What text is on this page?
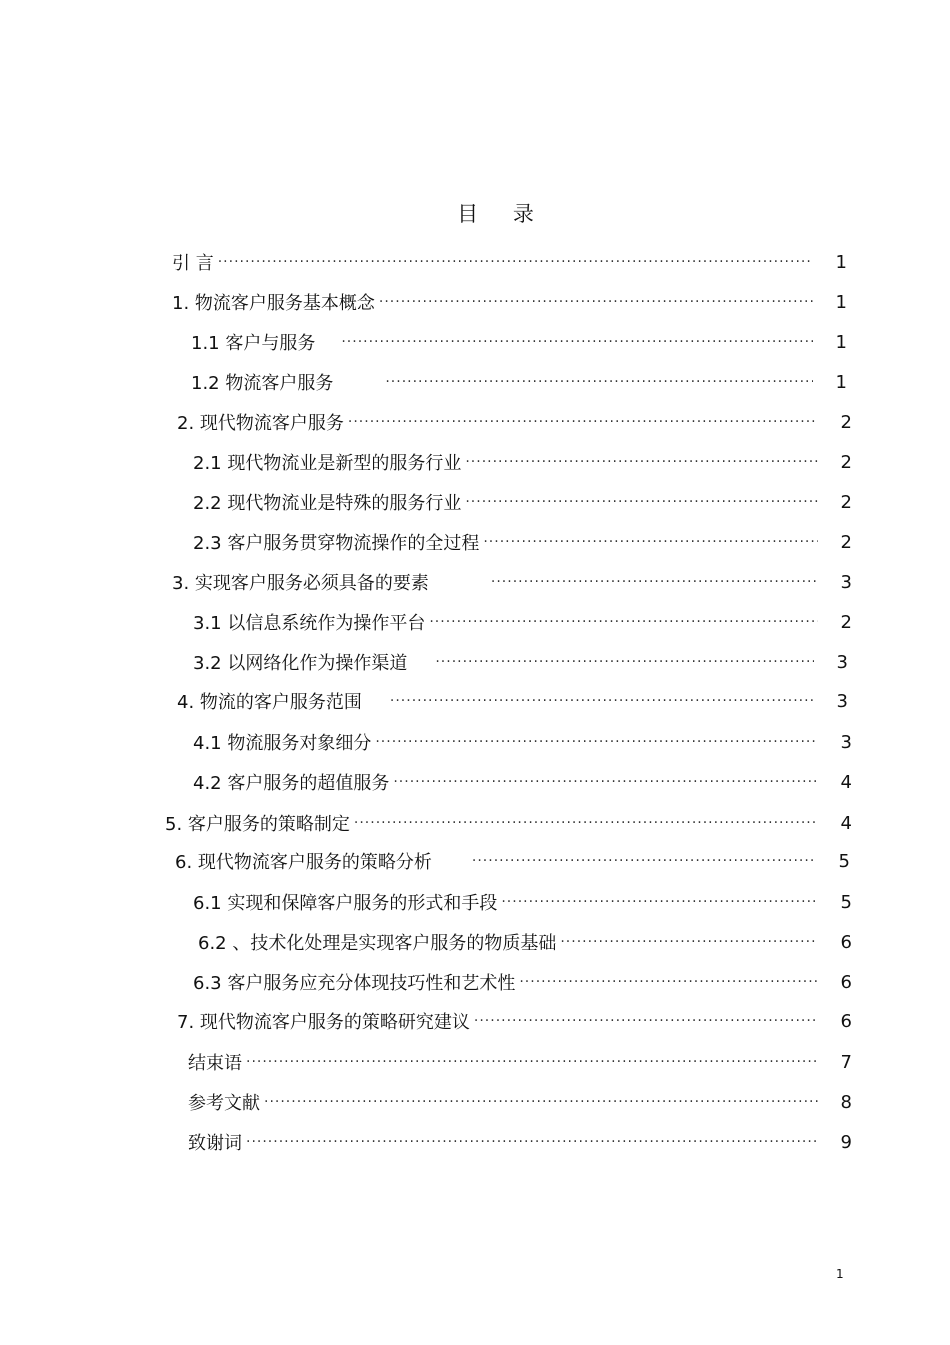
目 录
引 言 ·····	1
1. 物流客户服务基本概念 ·····	1
1.1 客户与服务 ·····	1
1.2 物流客户服务 ·····	1
2. 现代物流客户服务 ·····	2
2.1 现代物流业是新型的服务行业 ·····	2
2.2 现代物流业是特殊的服务行业 ·····	2
2.3 客户服务贯穿物流操作的全过程 ·····	2
3. 实现客户服务必须具备的要素 ·····	3
3.1 以信息系统作为操作平台 ·····	2
3.2 以网络化作为操作渠道 ·····	3
4. 物流的客户服务范围 ·····	3
4.1 物流服务对象细分 ·····	3
4.2 客户服务的超值服务 ·····	4
5. 客户服务的策略制定 ·····	4
6. 现代物流客户服务的策略分析 ·····	5
6.1 实现和保障客户服务的形式和手段 ·····	5
6.2 、技术化处理是实现客户服务的物质基础 ·····	6
6.3 客户服务应充分体现技巧性和艺术性 ·····	6
7. 现代物流客户服务的策略研究建议 ·····	6
结束语 ·····	7
参考文献 ·····	8
致谢词 ·····	9
1
